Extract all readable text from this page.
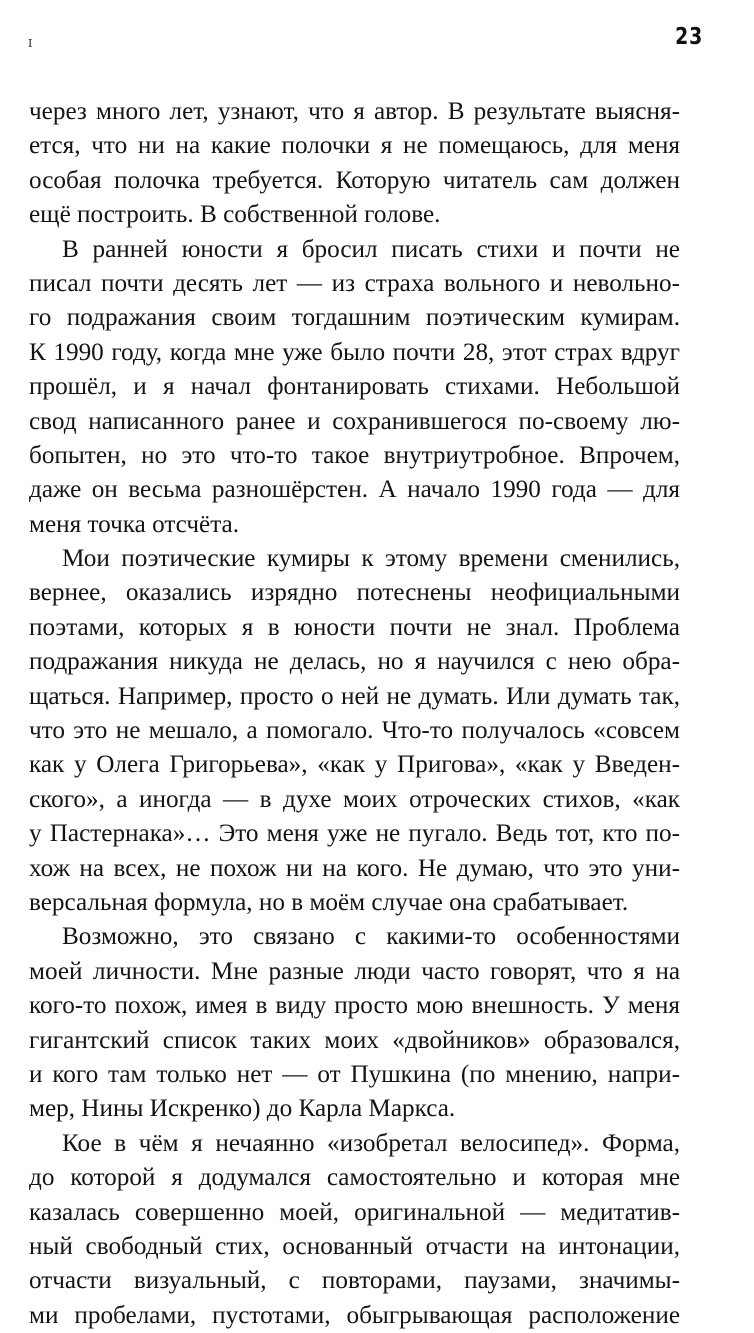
I	23
через много лет, узнают, что я автор. В результате выясня-
ется, что ни на какие полочки я не помещаюсь, для меня
особая полочка требуется. Которую читатель сам должен
ещё построить. В собственной голове.
В ранней юности я бросил писать стихи и почти не
писал почти десять лет — из страха вольного и невольно-
го подражания своим тогдашним поэтическим кумирам.
К 1990 году, когда мне уже было почти 28, этот страх вдруг
прошёл, и я начал фонтанировать стихами. Небольшой
свод написанного ранее и сохранившегося по-своему лю-
бопытен, но это что-то такое внутриутробное. Впрочем,
даже он весьма разношёрстен. А начало 1990 года — для
меня точка отсчёта.
Мои поэтические кумиры к этому времени сменились,
вернее, оказались изрядно потеснены неофициальными
поэтами, которых я в юности почти не знал. Проблема
подражания никуда не делась, но я научился с нею обра-
щаться. Например, просто о ней не думать. Или думать так,
что это не мешало, а помогало. Что-то получалось «совсем
как у Олега Григорьева», «как у Пригова», «как у Введен-
ского», а иногда — в духе моих отроческих стихов, «как
у Пастернака»… Это меня уже не пугало. Ведь тот, кто по-
хож на всех, не похож ни на кого. Не думаю, что это уни-
версальная формула, но в моём случае она срабатывает.
Возможно, это связано с какими-то особенностями
моей личности. Мне разные люди часто говорят, что я на
кого-то похож, имея в виду просто мою внешность. У меня
гигантский список таких моих «двойников» образовался,
и кого там только нет — от Пушкина (по мнению, напри-
мер, Нины Искренко) до Карла Маркса.
Кое в чём я нечаянно «изобретал велосипед». Форма,
до которой я додумался самостоятельно и которая мне
казалась совершенно моей, оригинальной — медитатив-
ный свободный стих, основанный отчасти на интонации,
отчасти визуальный, с повторами, паузами, значимы-
ми пробелами, пустотами, обыгрывающая расположение
